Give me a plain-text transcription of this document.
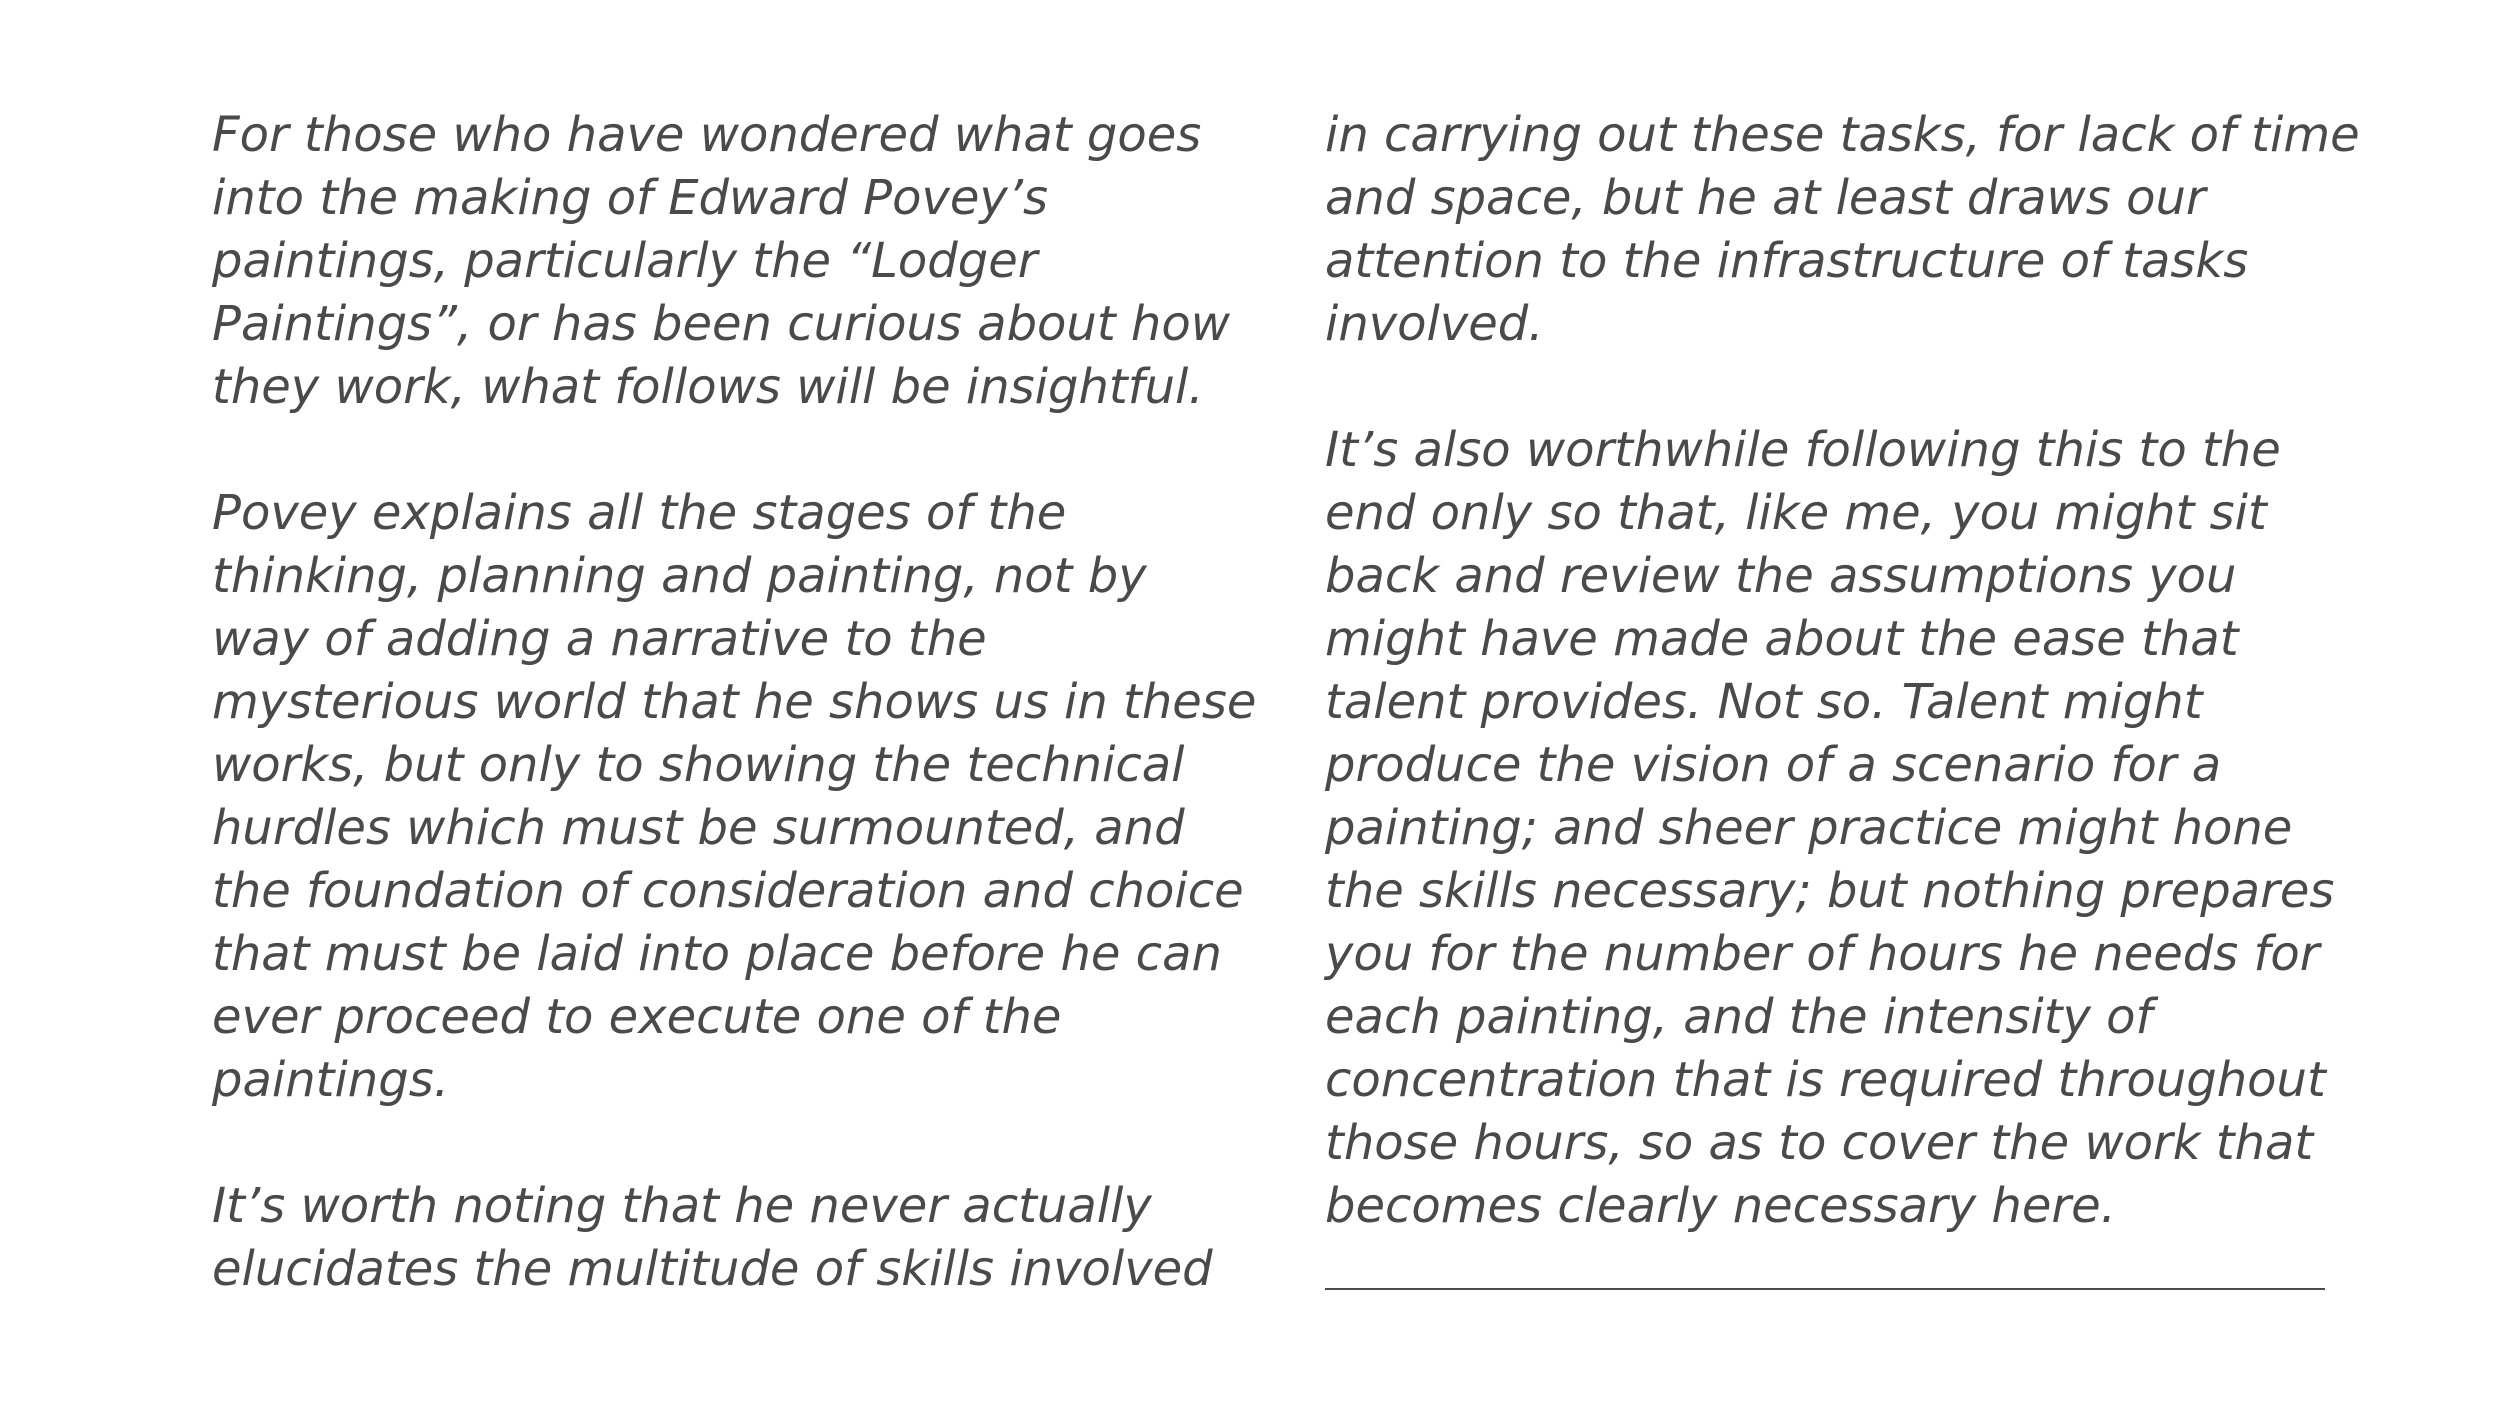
For those who have wondered what goes
into the making of Edward Povey’s
paintings, particularly the “Lodger
Paintings”, or has been curious about how
they work, what follows will be insightful.
Povey explains all the stages of the
thinking, planning and painting, not by
way of adding a narrative to the
mysterious world that he shows us in these
works, but only to showing the technical
hurdles which must be surmounted, and
the foundation of consideration and choice
that must be laid into place before he can
ever proceed to execute one of the
paintings.
It’s worth noting that he never actually
elucidates the multitude of skills involved
in carrying out these tasks, for lack of time
and space, but he at least draws our
attention to the infrastructure of tasks
involved.
It’s also worthwhile following this to the
end only so that, like me, you might sit
back and review the assumptions you
might have made about the ease that
talent provides. Not so. Talent might
produce the vision of a scenario for a
painting; and sheer practice might hone
the skills necessary; but nothing prepares
you for the number of hours he needs for
each painting, and the intensity of
concentration that is required throughout
those hours, so as to cover the work that
becomes clearly necessary here.
